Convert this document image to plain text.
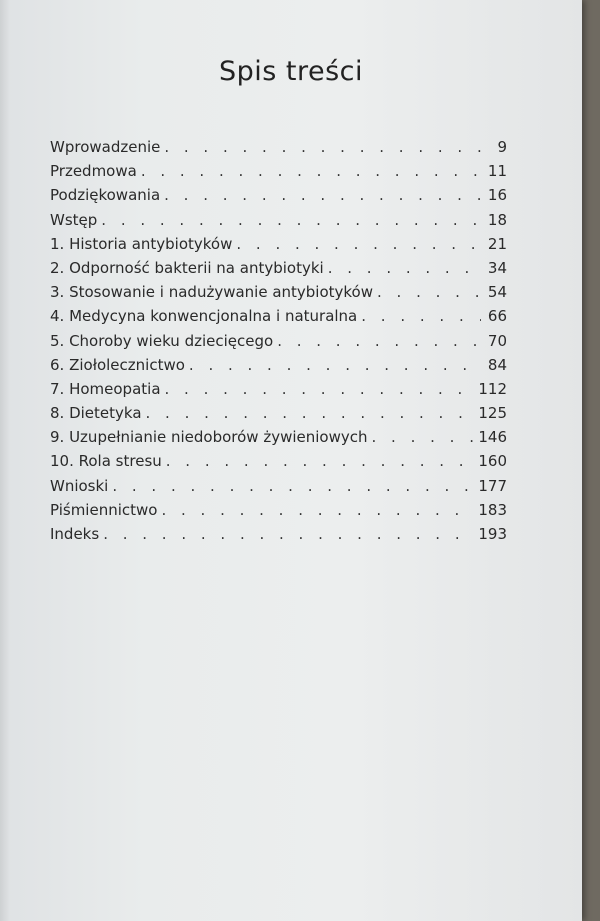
Spis treści
Wprowadzenie . . .	9
Przedmowa . . .	11
Podziękowania . . .	16
Wstęp . . .	18
1. Historia antybiotyków . . .	21
2. Odporność bakterii na antybiotyki . . .	34
3. Stosowanie i nadużywanie antybiotyków . . .	54
4. Medycyna konwencjonalna i naturalna . . .	66
5. Choroby wieku dziecięcego . . .	70
6. Ziołolecznictwo . . .	84
7. Homeopatia . . .	112
8. Dietetyka . . .	125
9. Uzupełnianie niedoborów żywieniowych . . .	146
10. Rola stresu . . .	160
Wnioski . . .	177
Piśmiennictwo . . .	183
Indeks . . .	193
